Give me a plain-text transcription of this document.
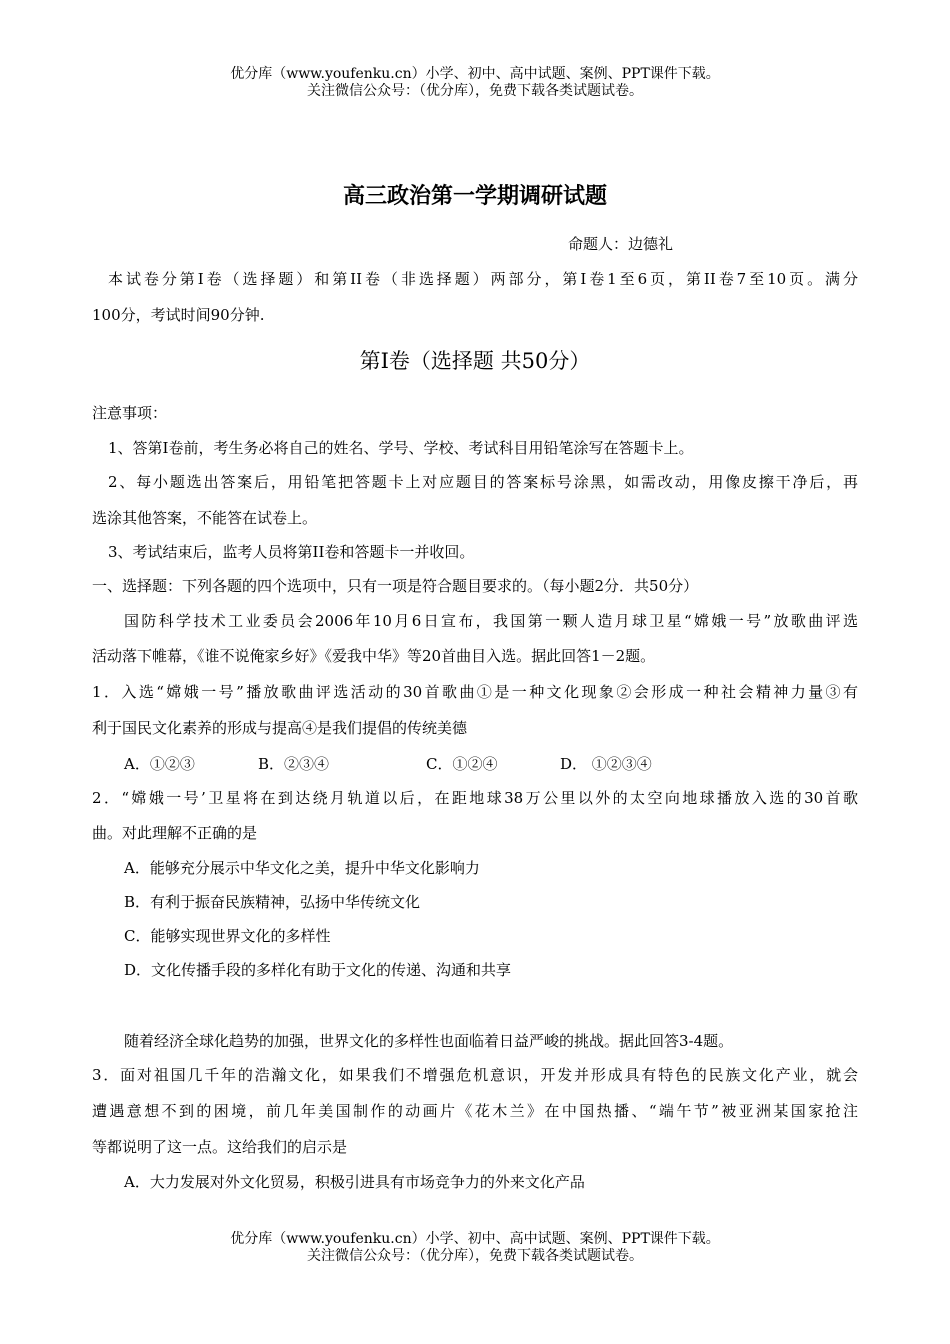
优分库（www.youfenku.cn）小学、初中、高中试题、案例、PPT课件下载。
关注微信公众号：（优分库），免费下载各类试题试卷。
高三政治第一学期调研试题
命题人：边德礼
本试卷分第I卷（选择题）和第II卷（非选择题）两部分，第I卷1至6页，第II卷7至10页。满分
100分，考试时间90分钟.
第I卷（选择题 共50分）
注意事项：
1、答第I卷前，考生务必将自己的姓名、学号、学校、考试科目用铅笔涂写在答题卡上。
2、每小题选出答案后，用铅笔把答题卡上对应题目的答案标号涂黑，如需改动，用像皮擦干净后，再
选涂其他答案，不能答在试卷上。
3、考试结束后，监考人员将第II卷和答题卡一并收回。
一、选择题：下列各题的四个选项中，只有一项是符合题目要求的。（每小题2分．共50分）
国防科学技术工业委员会2006年10月6日宣布，我国第一颗人造月球卫星“嫦娥一号”放歌曲评选
活动落下帷幕，《谁不说俺家乡好》《爱我中华》等20首曲目入选。据此回答1－2题。
1．入选“嫦娥一号”播放歌曲评选活动的30首歌曲①是一种文化现象②会形成一种社会精神力量③有
利于国民文化素养的形成与提高④是我们提倡的传统美德
A．①②③	B．②③④	C．①②④	D． ①②③④
2．“嫦娥一号’卫星将在到达绕月轨道以后，在距地球38万公里以外的太空向地球播放入选的30首歌
曲。对此理解不正确的是
A．能够充分展示中华文化之美，提升中华文化影响力
B．有利于振奋民族精神，弘扬中华传统文化
C．能够实现世界文化的多样性
D．文化传播手段的多样化有助于文化的传递、沟通和共享
随着经济全球化趋势的加强，世界文化的多样性也面临着日益严峻的挑战。据此回答3-4题。
3．面对祖国几千年的浩瀚文化，如果我们不增强危机意识，开发并形成具有特色的民族文化产业，就会
遭遇意想不到的困境，前几年美国制作的动画片《花木兰》在中国热播、“端午节”被亚洲某国家抢注
等都说明了这一点。这给我们的启示是
A．大力发展对外文化贸易，积极引进具有市场竞争力的外来文化产品
优分库（www.youfenku.cn）小学、初中、高中试题、案例、PPT课件下载。
关注微信公众号：（优分库），免费下载各类试题试卷。
